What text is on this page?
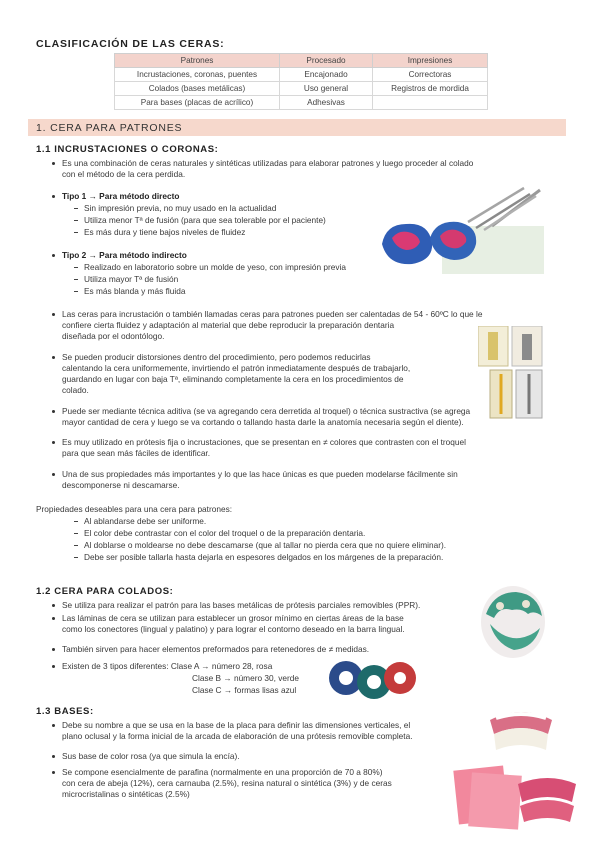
CLASIFICACIÓN DE LAS CERAS:
Patrones	Procesado	Impresiones
Incrustaciones, coronas, puentes	Encajonado	Correctoras
Colados (bases metálicas)	Uso general	Registros de mordida
Para bases (placas de acrílico)	Adhesivas	
1. CERA PARA PATRONES
1.1 INCRUSTACIONES O CORONAS:
Es una combinación de ceras naturales y sintéticas utilizadas para elaborar patrones y luego proceder al colado
con el método de la cera perdida.
Tipo 1 → Para método directo
Sin impresión previa, no muy usado en la actualidad
Utiliza menor Tª de fusión (para que sea tolerable por el paciente)
Es más dura y tiene bajos niveles de fluidez
Tipo 2 → Para método indirecto
Realizado en laboratorio sobre un molde de yeso, con impresión previa
Utiliza mayor Tª de fusión
Es más blanda y más fluida
Las ceras para incrustación o también llamadas ceras para patrones pueden ser calentadas de 54 - 60ºC lo que le
confiere cierta fluidez y adaptación al material que debe reproducir la preparación dentaria
diseñada por el odontólogo.
Se pueden producir distorsiones dentro del procedimiento, pero podemos reducirlas
calentando la cera uniformemente, invirtiendo el patrón inmediatamente después de trabajarlo,
guardando en lugar con baja Tª, eliminando completamente la cera en los procedimientos de
colado.
Puede ser mediante técnica aditiva (se va agregando cera derretida al troquel) o técnica sustractiva (se agrega
mayor cantidad de cera y luego se va cortando o tallando hasta darle la anatomía necesaria según el diente).
Es muy utilizado en prótesis fija o incrustaciones, que se presentan en ≠ colores que contrasten con el troquel
para que sean más fáciles de identificar.
Una de sus propiedades más importantes y lo que las hace únicas es que pueden modelarse fácilmente sin
descomponerse ni descamarse.
Propiedades deseables para una cera para patrones:
Al ablandarse debe ser uniforme.
El color debe contrastar con el color del troquel o de la preparación dentaria.
Al doblarse o moldearse no debe descamarse (que al tallar no pierda cera que no quiere eliminar).
Debe ser posible tallarla hasta dejarla en espesores delgados en los márgenes de la preparación.
1.2 CERA PARA COLADOS:
Se utiliza para realizar el patrón para las bases metálicas de prótesis parciales removibles (PPR).
Las láminas de cera se utilizan para establecer un grosor mínimo en ciertas áreas de la base
como los conectores (lingual y palatino) y para lograr el contorno deseado en la barra lingual.
También sirven para hacer elementos preformados para retenedores de ≠ medidas.
Existen de 3 tipos diferentes: Clase A → número 28, rosa
Clase B → número 30, verde
Clase C → formas lisas azul
1.3 BASES:
Debe su nombre a que se usa en la base de la placa para definir las dimensiones verticales, el
plano oclusal y la forma inicial de la arcada de elaboración de una prótesis removible completa.
Sus base de color rosa (ya que simula la encía).
Se compone esencialmente de parafina (normalmente en una proporción de 70 a 80%)
con cera de abeja (12%), cera carnauba (2.5%), resina natural o sintética (3%) y de ceras
microcristalinas o sintéticas (2.5%)
